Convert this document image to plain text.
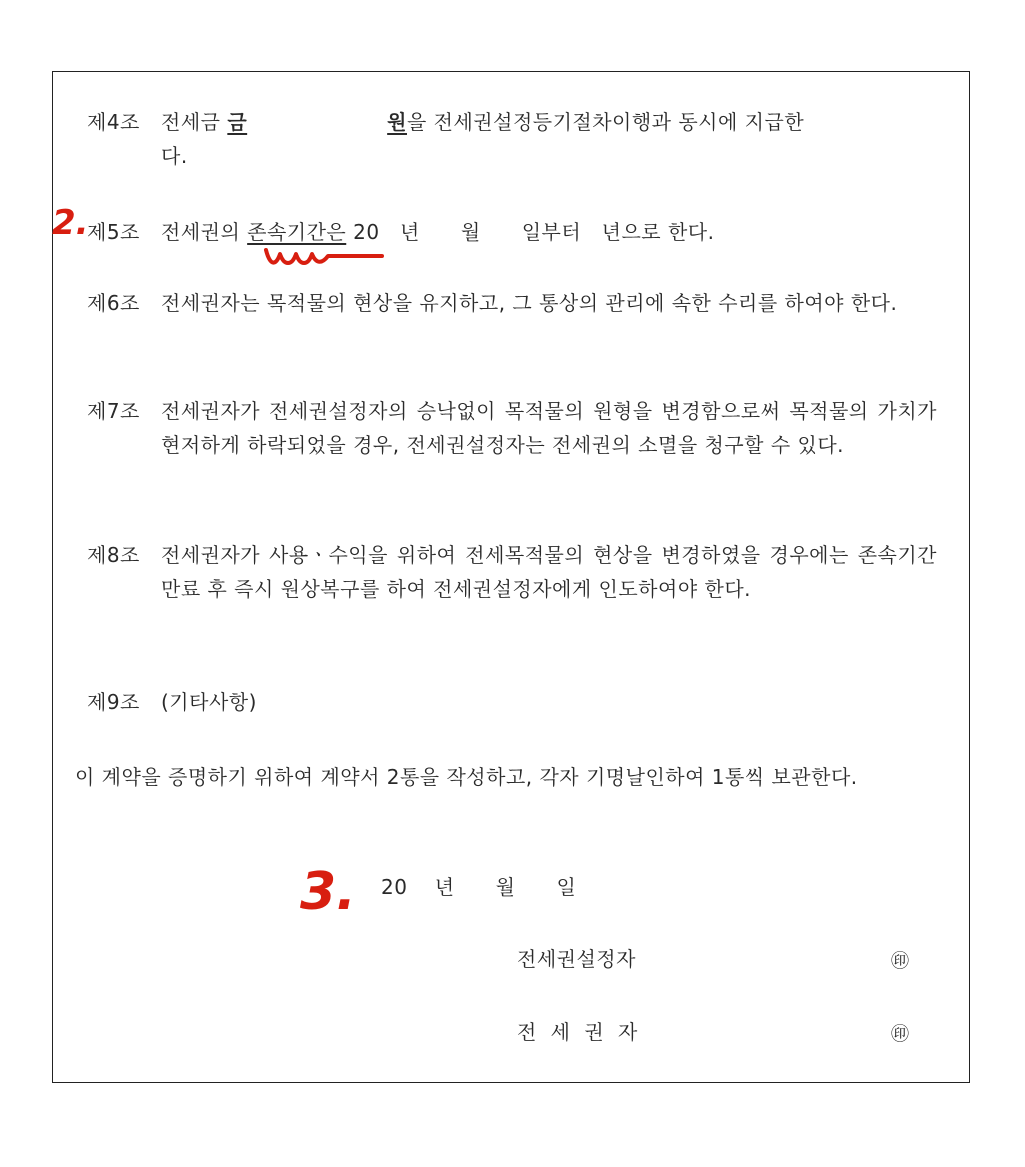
제4조 전세금 금	원을 전세권설정등기절차이행과 동시에 지급한
다.
제5조 전세권의 존속기간은 20　년　　월　　일부터　년으로 한다.
제6조 전세권자는 목적물의 현상을 유지하고, 그 통상의 관리에 속한 수리를 하여야 한다.
제7조 전세권자가 전세권설정자의 승낙없이 목적물의 원형을 변경함으로써 목적물의 가치가 현저하게 하락되었을 경우, 전세권설정자는 전세권의 소멸을 청구할 수 있다.
제8조 전세권자가 사용ㆍ수익을 위하여 전세목적물의 현상을 변경하였을 경우에는 존속기간 만료 후 즉시 원상복구를 하여 전세권설정자에게 인도하여야 한다.
제9조 (기타사항)
이 계약을 증명하기 위하여 계약서 2통을 작성하고, 각자 기명날인하여 1통씩 보관한다.
20　 년　　월　　일
전세권설정자	㊞
전 세 권 자	㊞
2.
3.
